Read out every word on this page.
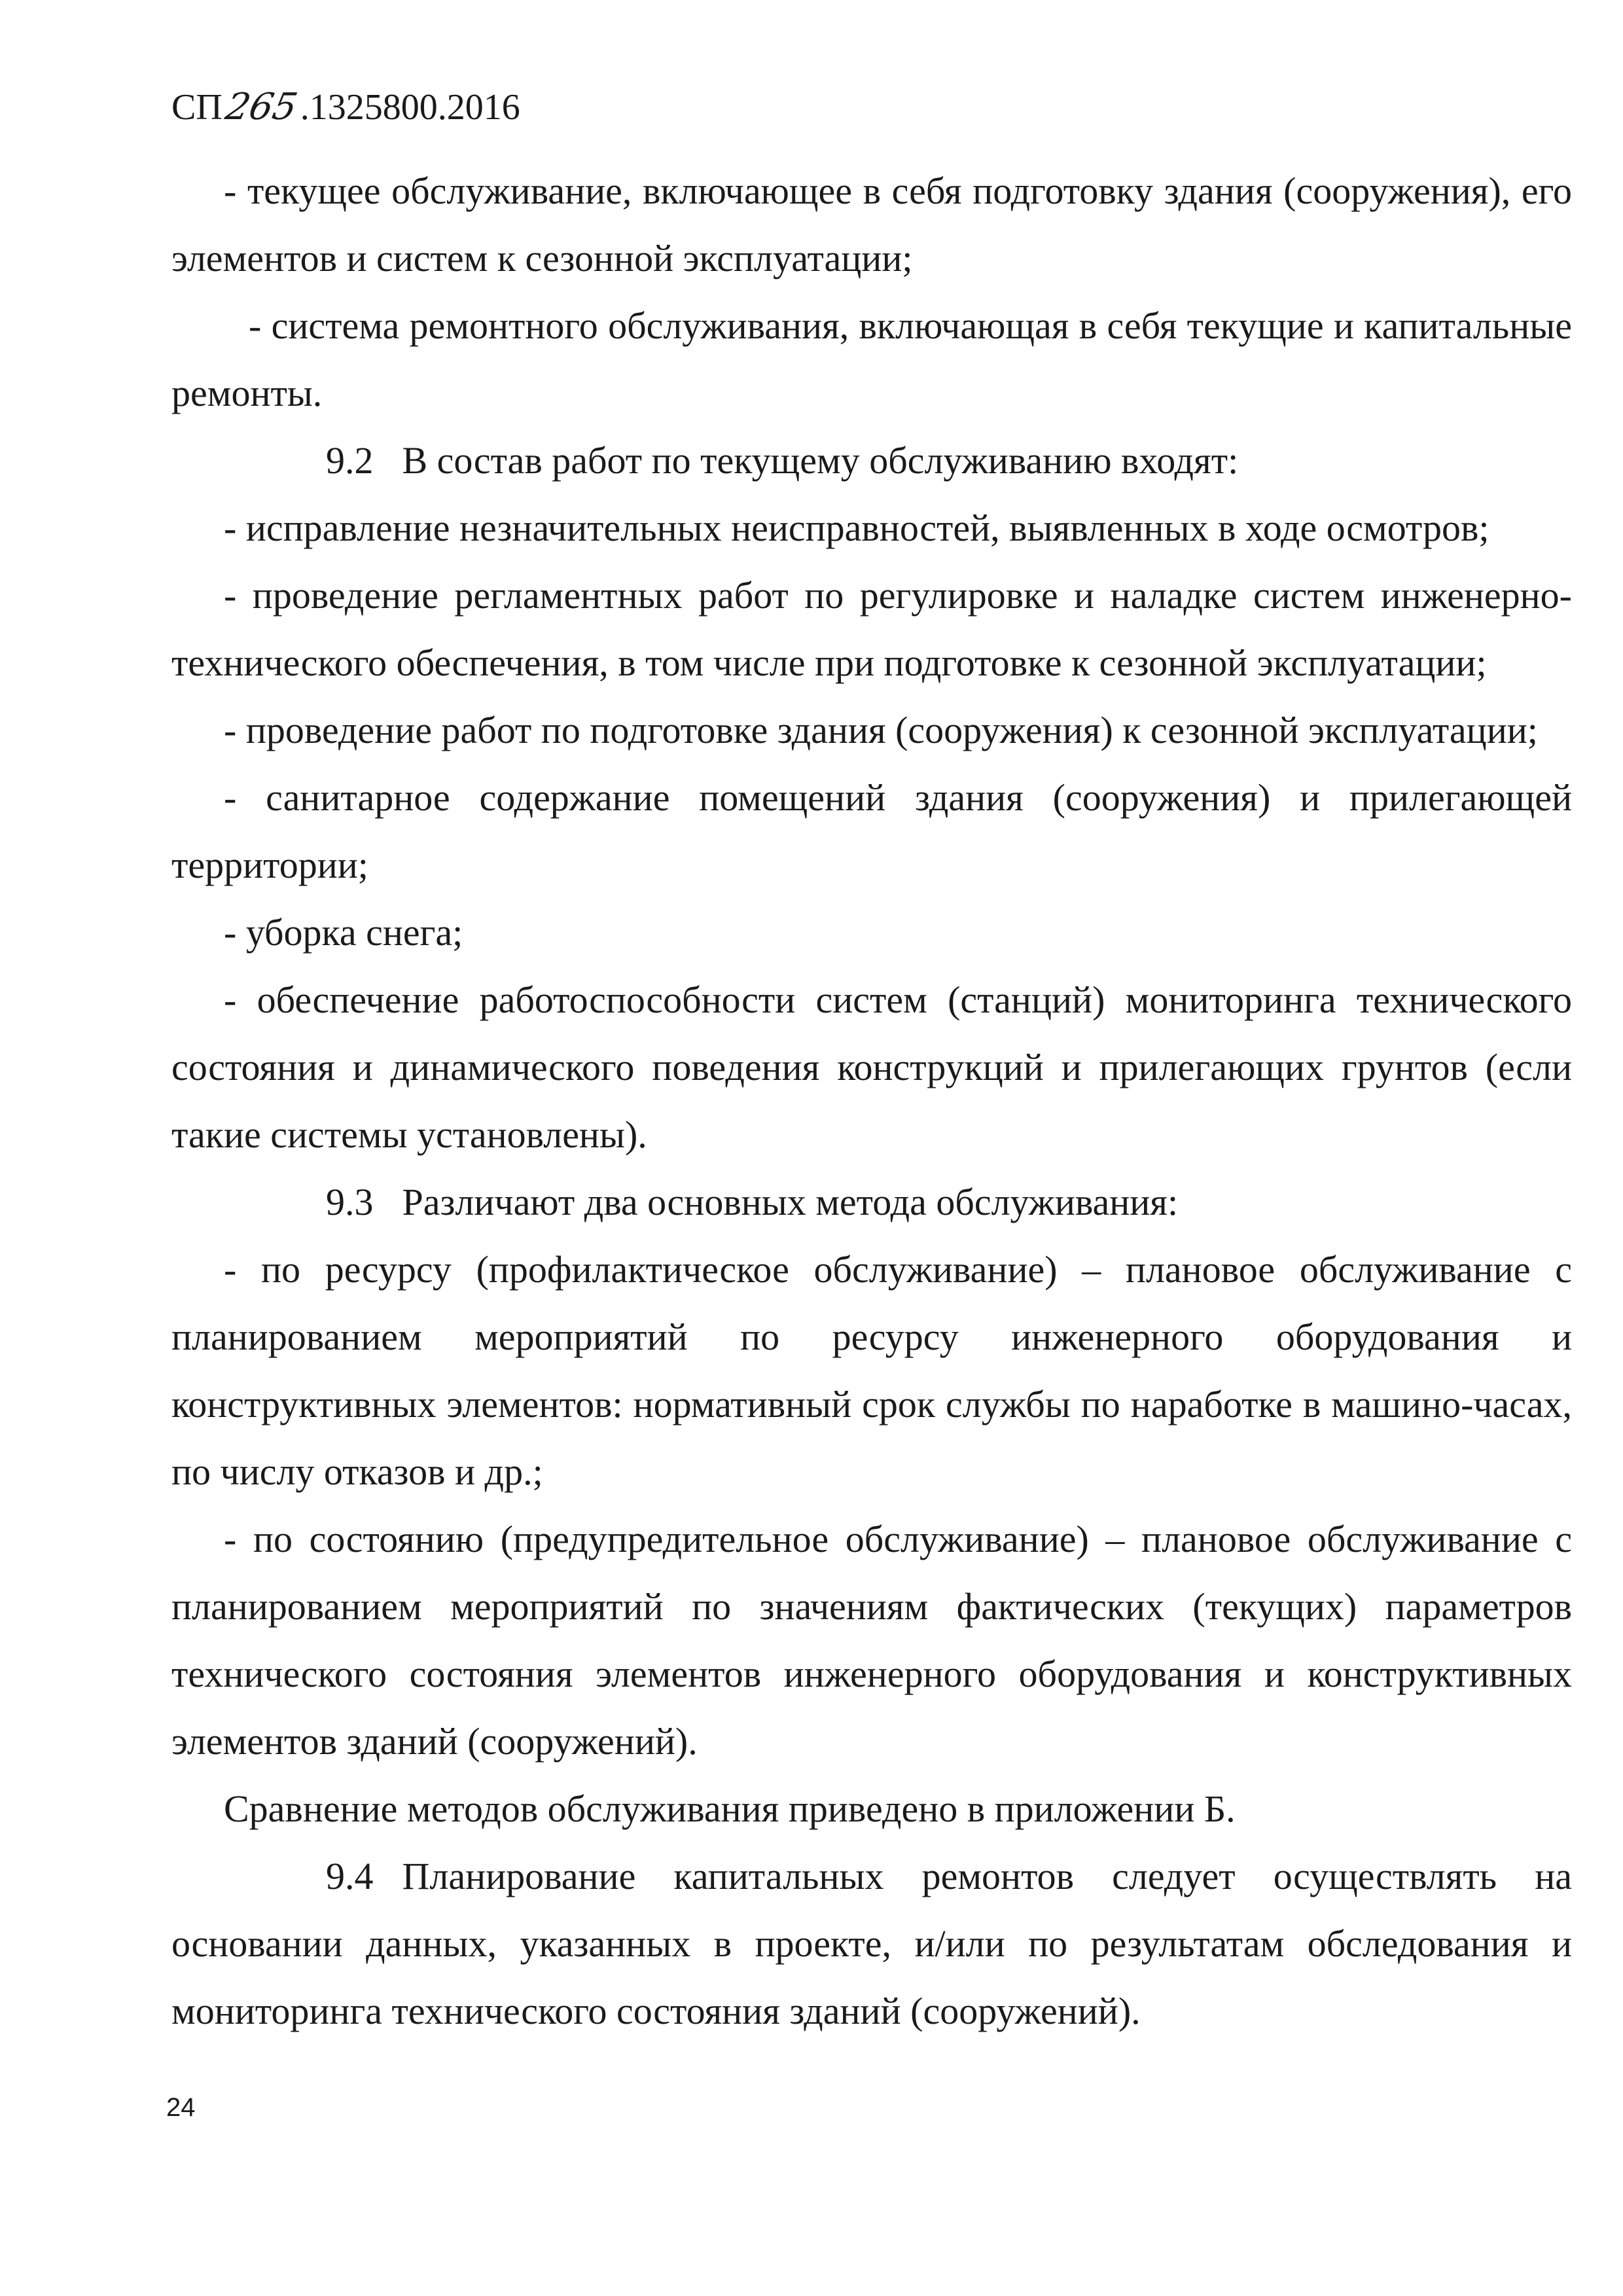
СП265.1325800.2016

- текущее обслуживание, включающее в себя подготовку здания (сооружения), его элементов и систем к сезонной эксплуатации;

- система ремонтного обслуживания, включающая в себя текущие и капитальные ремонты.

9.2 В состав работ по текущему обслуживанию входят:

- исправление незначительных неисправностей, выявленных в ходе осмотров;

- проведение регламентных работ по регулировке и наладке систем инженерно-технического обеспечения, в том числе при подготовке к сезонной эксплуатации;

- проведение работ по подготовке здания (сооружения) к сезонной эксплуатации;

- санитарное содержание помещений здания (сооружения) и прилегающей территории;

- уборка снега;

- обеспечение работоспособности систем (станций) мониторинга технического состояния и динамического поведения конструкций и прилегающих грунтов (если такие системы установлены).

9.3 Различают два основных метода обслуживания:

- по ресурсу (профилактическое обслуживание) – плановое обслуживание с планированием мероприятий по ресурсу инженерного оборудования и конструктивных элементов: нормативный срок службы по наработке в машино-часах, по числу отказов и др.;

- по состоянию (предупредительное обслуживание) – плановое обслуживание с планированием мероприятий по значениям фактических (текущих) параметров технического состояния элементов инженерного оборудования и конструктивных элементов зданий (сооружений).

Сравнение методов обслуживания приведено в приложении Б.

9.4 Планирование капитальных ремонтов следует осуществлять на основании данных, указанных в проекте, и/или по результатам обследования и мониторинга технического состояния зданий (сооружений).

24
